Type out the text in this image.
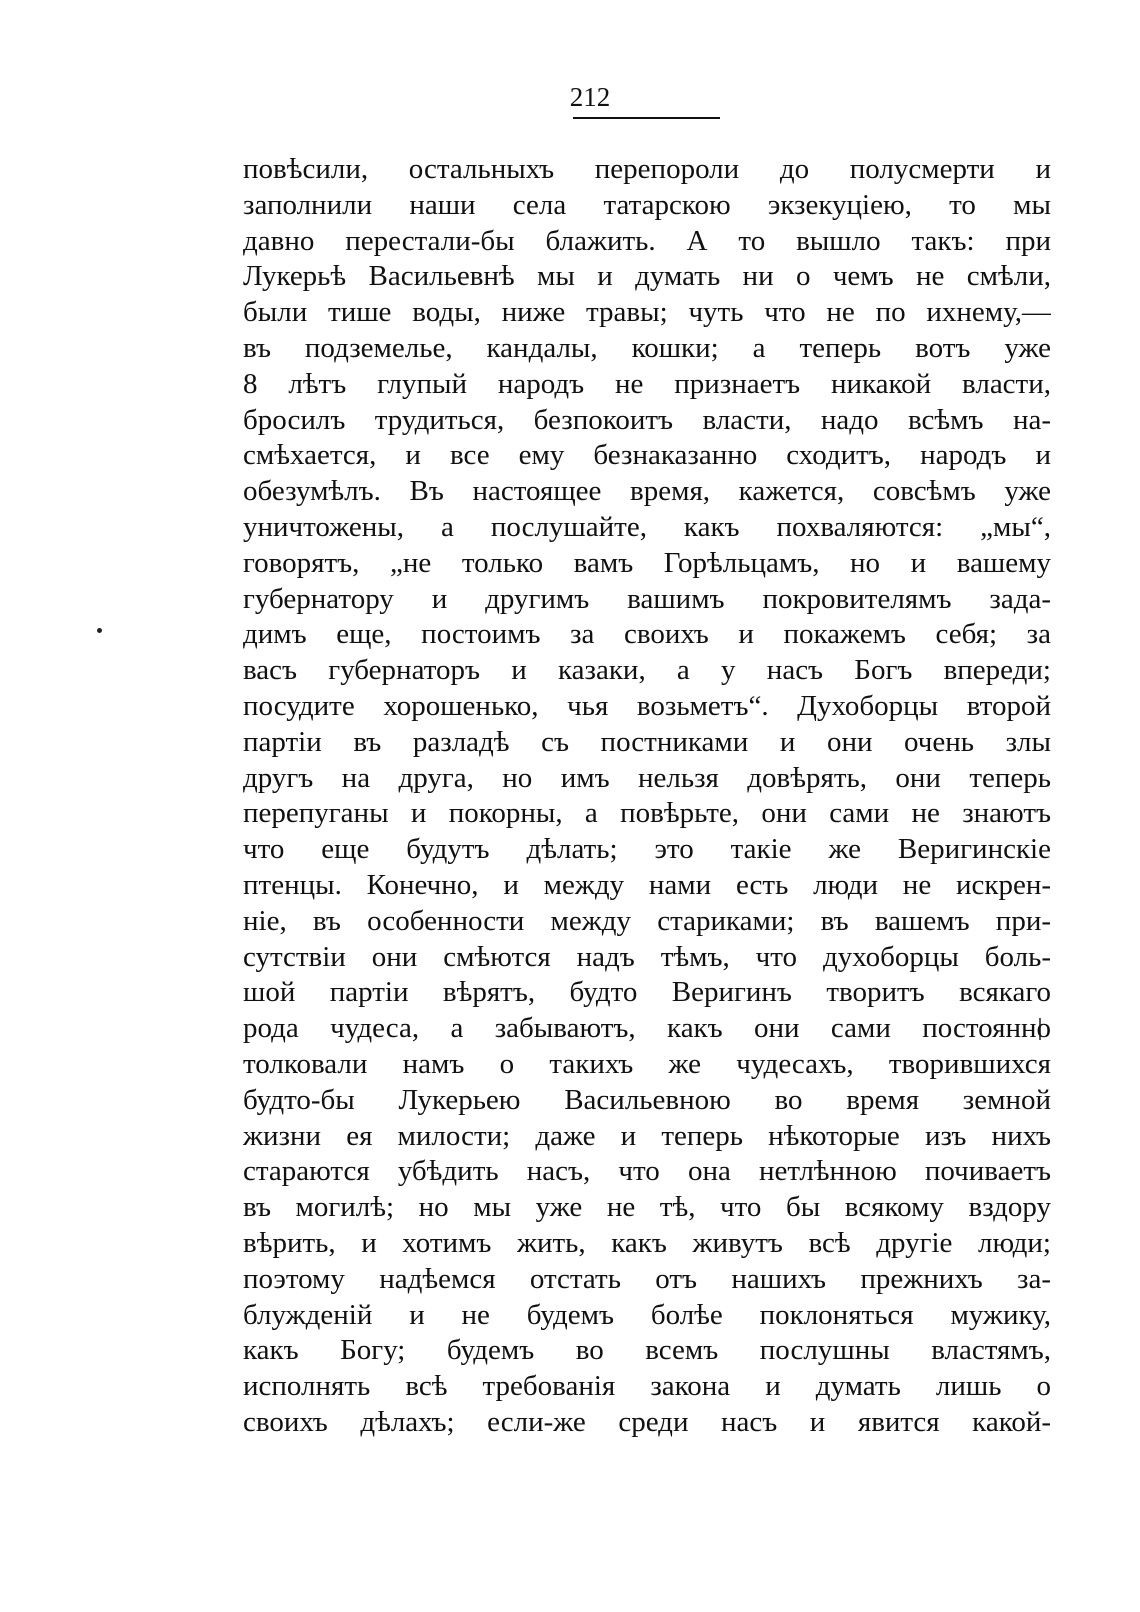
212
повѣсили, остальныхъ перепороли до полусмерти и
заполнили наши села татарскою экзекуціею, то мы
давно перестали-бы блажить. А то вышло такъ: при
Лукерьѣ Васильевнѣ мы и думать ни о чемъ не смѣли,
были тише воды, ниже травы; чуть что не по ихнему,—
въ подземелье, кандалы, кошки; а теперь вотъ уже
8 лѣтъ глупый народъ не признаетъ никакой власти,
бросилъ трудиться, безпокоитъ власти, надо всѣмъ на-
смѣхается, и все ему безнаказанно сходитъ, народъ и
обезумѣлъ. Въ настоящее время, кажется, совсѣмъ уже
уничтожены, а послушайте, какъ похваляются: „мы“,
говорятъ, „не только вамъ Горѣльцамъ, но и вашему
губернатору и другимъ вашимъ покровителямъ зада-
димъ еще, постоимъ за своихъ и покажемъ себя; за
васъ губернаторъ и казаки, а у насъ Богъ впереди;
посудите хорошенько, чья возьметъ“. Духоборцы второй
партіи въ разладѣ съ постниками и они очень злы
другъ на друга, но имъ нельзя довѣрять, они теперь
перепуганы и покорны, а повѣрьте, они сами не знаютъ
что еще будутъ дѣлать; это такіе же Веригинскіе
птенцы. Конечно, и между нами есть люди не искрен-
ніе, въ особенности между стариками; въ вашемъ при-
сутствіи они смѣются надъ тѣмъ, что духоборцы боль-
шой партіи вѣрятъ, будто Веригинъ творитъ всякаго
рода чудеса, а забываютъ, какъ они сами постоянно
толковали намъ о такихъ же чудесахъ, творившихся
будто-бы Лукерьею Васильевною во время земной
жизни ея милости; даже и теперь нѣкоторые изъ нихъ
стараются убѣдить насъ, что она нетлѣнною почиваетъ
въ могилѣ; но мы уже не тѣ, что бы всякому вздору
вѣрить, и хотимъ жить, какъ живутъ всѣ другіе люди;
поэтому надѣемся отстать отъ нашихъ прежнихъ за-
блужденій и не будемъ болѣе поклоняться мужику,
какъ Богу; будемъ во всемъ послушны властямъ,
исполнять всѣ требованія закона и думать лишь о
своихъ дѣлахъ; если-же среди насъ и явится какой-
